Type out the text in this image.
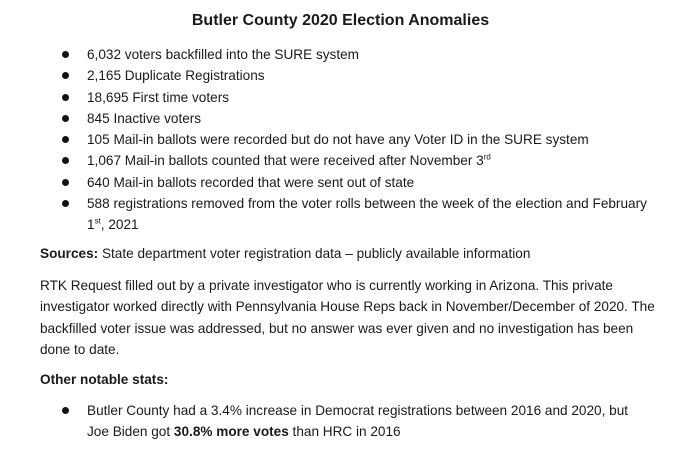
Butler County 2020 Election Anomalies
6,032 voters backfilled into the SURE system
2,165 Duplicate Registrations
18,695 First time voters
845 Inactive voters
105 Mail-in ballots were recorded but do not have any Voter ID in the SURE system
1,067 Mail-in ballots counted that were received after November 3rd
640 Mail-in ballots recorded that were sent out of state
588 registrations removed from the voter rolls between the week of the election and February 1st, 2021
Sources: State department voter registration data – publicly available information
RTK Request filled out by a private investigator who is currently working in Arizona. This private investigator worked directly with Pennsylvania House Reps back in November/December of 2020. The backfilled voter issue was addressed, but no answer was ever given and no investigation has been done to date.
Other notable stats:
Butler County had a 3.4% increase in Democrat registrations between 2016 and 2020, but Joe Biden got 30.8% more votes than HRC in 2016
